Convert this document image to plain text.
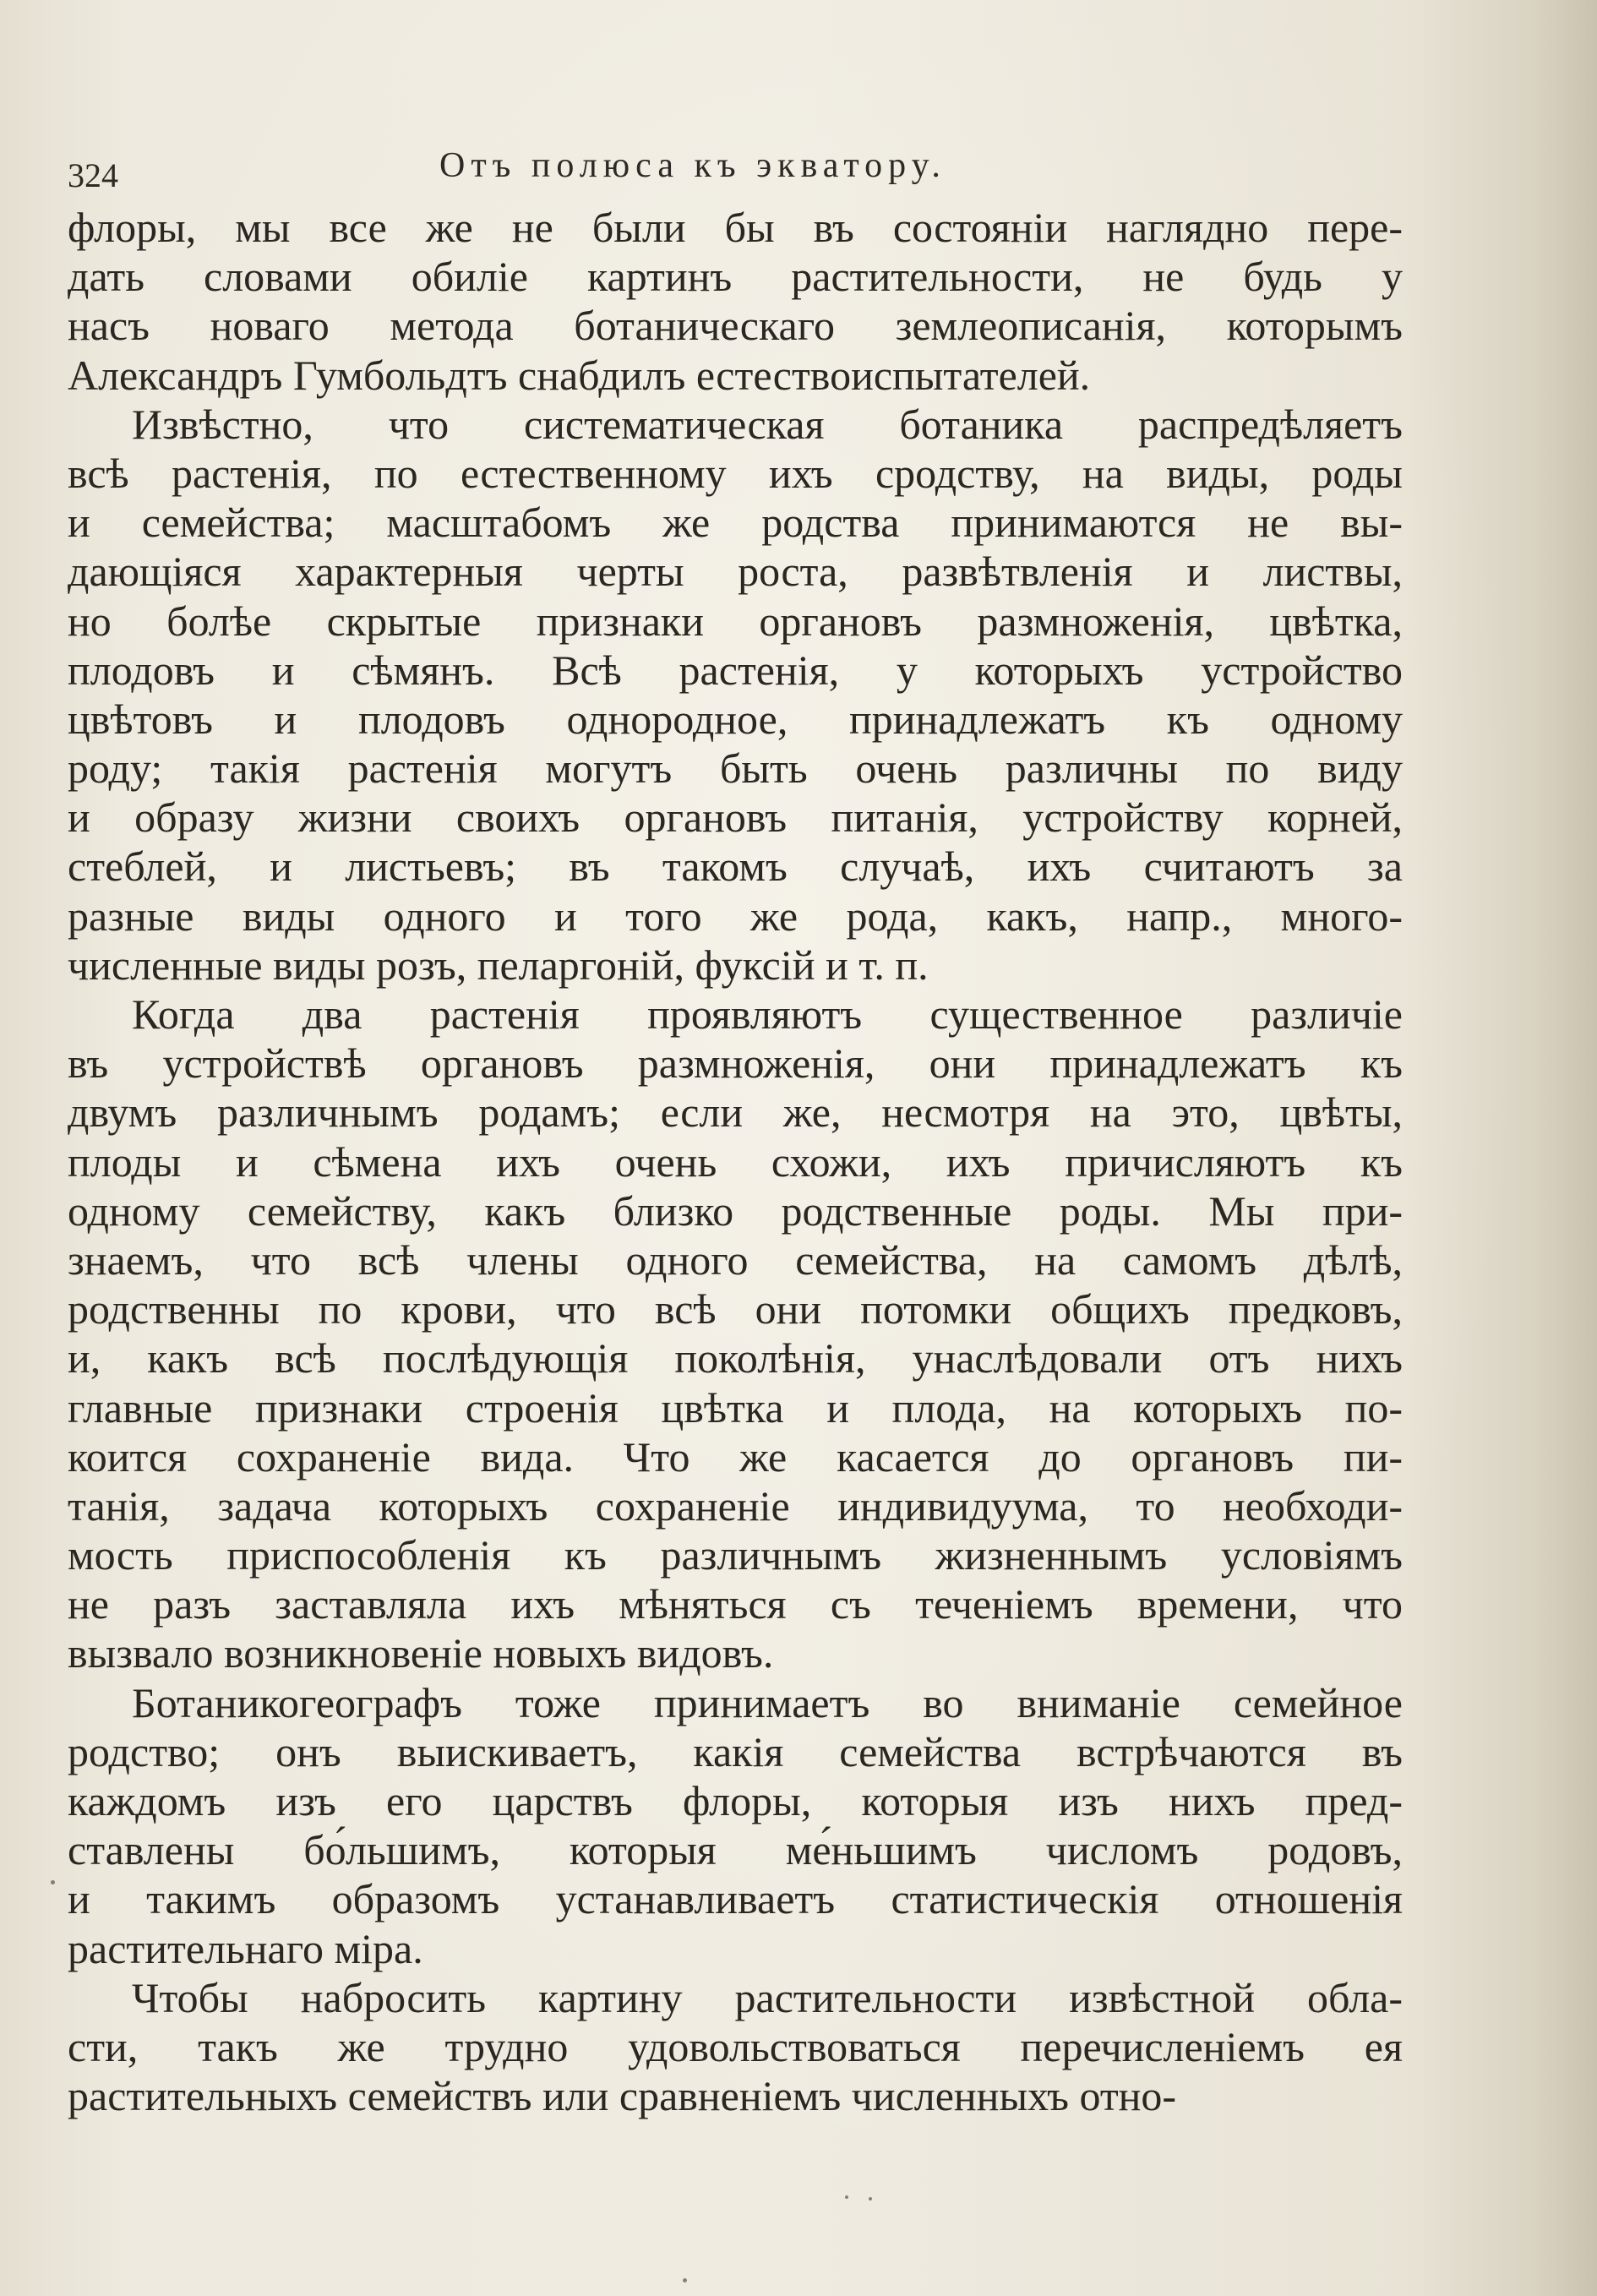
324	Отъ полюса къ экватору.
флоры, мы все же не были бы въ состояніи наглядно пере-
дать словами обиліе картинъ растительности, не будь у
насъ новаго метода ботаническаго землеописанія, которымъ
Александръ Гумбольдтъ снабдилъ естествоиспытателей.
Извѣстно, что систематическая ботаника распредѣляетъ
всѣ растенія, по естественному ихъ сродству, на виды, роды
и семейства; масштабомъ же родства принимаются не вы-
дающіяся характерныя черты роста, развѣтвленія и листвы,
но болѣе скрытые признаки органовъ размноженія, цвѣтка,
плодовъ и сѣмянъ. Всѣ растенія, у которыхъ устройство
цвѣтовъ и плодовъ однородное, принадлежатъ къ одному
роду; такія растенія могутъ быть очень различны по виду
и образу жизни своихъ органовъ питанія, устройству корней,
стеблей, и листьевъ; въ такомъ случаѣ, ихъ считаютъ за
разные виды одного и того же рода, какъ, напр., много-
численные виды розъ, пеларгоній, фуксій и т. п.
Когда два растенія проявляютъ существенное различіе
въ устройствѣ органовъ размноженія, они принадлежатъ къ
двумъ различнымъ родамъ; если же, несмотря на это, цвѣты,
плоды и сѣмена ихъ очень схожи, ихъ причисляютъ къ
одному семейству, какъ близко родственные роды. Мы при-
знаемъ, что всѣ члены одного семейства, на самомъ дѣлѣ,
родственны по крови, что всѣ они потомки общихъ предковъ,
и, какъ всѣ послѣдующія поколѣнія, унаслѣдовали отъ нихъ
главные признаки строенія цвѣтка и плода, на которыхъ по-
коится сохраненіе вида. Что же касается до органовъ пи-
танія, задача которыхъ сохраненіе индивидуума, то необходи-
мость приспособленія къ различнымъ жизненнымъ условіямъ
не разъ заставляла ихъ мѣняться съ теченіемъ времени, что
вызвало возникновеніе новыхъ видовъ.
Ботаникогеографъ тоже принимаетъ во вниманіе семейное
родство; онъ выискиваетъ, какія семейства встрѣчаются въ
каждомъ изъ его царствъ флоры, которыя изъ нихъ пред-
ставлены бо́льшимъ, которыя ме́ньшимъ числомъ родовъ,
и такимъ образомъ устанавливаетъ статистическія отношенія
растительнаго міра.
Чтобы набросить картину растительности извѣстной обла-
сти, такъ же трудно удовольствоваться перечисленіемъ ея
растительныхъ семействъ или сравненіемъ численныхъ отно-
